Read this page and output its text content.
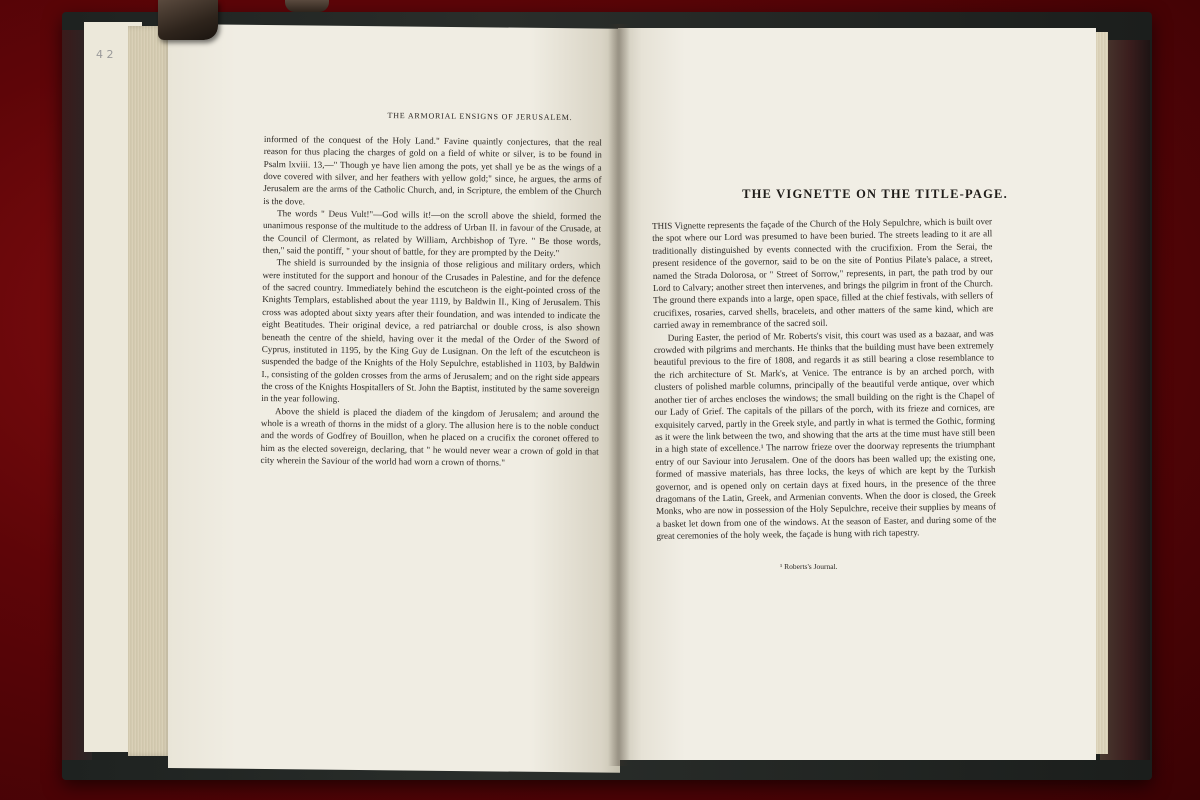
4 2
THE ARMORIAL ENSIGNS OF JERUSALEM.

informed of the conquest of the Holy Land." Favine quaintly conjectures, that the real reason for thus placing the charges of gold on a field of white or silver, is to be found in Psalm lxviii. 13,—" Though ye have lien among the pots, yet shall ye be as the wings of a dove covered with silver, and her feathers with yellow gold;" since, he argues, the arms of Jerusalem are the arms of the Catholic Church, and, in Scripture, the emblem of the Church is the dove.

The words " Deus Vult!"—God wills it!—on the scroll above the shield, formed the unanimous response of the multitude to the address of Urban II. in favour of the Crusade, at the Council of Clermont, as related by William, Archbishop of Tyre. " Be those words, then," said the pontiff, " your shout of battle, for they are prompted by the Deity."

The shield is surrounded by the insignia of those religious and military orders, which were instituted for the support and honour of the Crusades in Palestine, and for the defence of the sacred country. Immediately behind the escutcheon is the eight-pointed cross of the Knights Templars, established about the year 1119, by Baldwin II., King of Jerusalem. This cross was adopted about sixty years after their foundation, and was intended to indicate the eight Beatitudes. Their original device, a red patriarchal or double cross, is also shown beneath the centre of the shield, having over it the medal of the Order of the Sword of Cyprus, instituted in 1195, by the King Guy de Lusignan. On the left of the escutcheon is suspended the badge of the Knights of the Holy Sepulchre, established in 1103, by Baldwin I., consisting of the golden crosses from the arms of Jerusalem; and on the right side appears the cross of the Knights Hospitallers of St. John the Baptist, instituted by the same sovereign in the year following.

Above the shield is placed the diadem of the kingdom of Jerusalem; and around the whole is a wreath of thorns in the midst of a glory. The allusion here is to the noble conduct and the words of Godfrey of Bouillon, when he placed on a crucifix the coronet offered to him as the elected sovereign, declaring, that " he would never wear a crown of gold in that city wherein the Saviour of the world had worn a crown of thorns."

THE VIGNETTE ON THE TITLE-PAGE.

THIS Vignette represents the façade of the Church of the Holy Sepulchre, which is built over the spot where our Lord was presumed to have been buried. The streets leading to it are all traditionally distinguished by events connected with the crucifixion. From the Serai, the present residence of the governor, said to be on the site of Pontius Pilate's palace, a street, named the Strada Dolorosa, or " Street of Sorrow," represents, in part, the path trod by our Lord to Calvary; another street then intervenes, and brings the pilgrim in front of the Church. The ground there expands into a large, open space, filled at the chief festivals, with sellers of crucifixes, rosaries, carved shells, bracelets, and other matters of the same kind, which are carried away in remembrance of the sacred soil.

During Easter, the period of Mr. Roberts's visit, this court was used as a bazaar, and was crowded with pilgrims and merchants. He thinks that the building must have been extremely beautiful previous to the fire of 1808, and regards it as still bearing a close resemblance to the rich architecture of St. Mark's, at Venice. The entrance is by an arched porch, with clusters of polished marble columns, principally of the beautiful verde antique, over which another tier of arches encloses the windows; the small building on the right is the Chapel of our Lady of Grief. The capitals of the pillars of the porch, with its frieze and cornices, are exquisitely carved, partly in the Greek style, and partly in what is termed the Gothic, forming as it were the link between the two, and showing that the arts at the time must have still been in a high state of excellence.¹ The narrow frieze over the doorway represents the triumphant entry of our Saviour into Jerusalem. One of the doors has been walled up; the existing one, formed of massive materials, has three locks, the keys of which are kept by the Turkish governor, and is opened only on certain days at fixed hours, in the presence of the three dragomans of the Latin, Greek, and Armenian convents. When the door is closed, the Greek Monks, who are now in possession of the Holy Sepulchre, receive their supplies by means of a basket let down from one of the windows. At the season of Easter, and during some of the great ceremonies of the holy week, the façade is hung with rich tapestry.

¹ Roberts's Journal.
